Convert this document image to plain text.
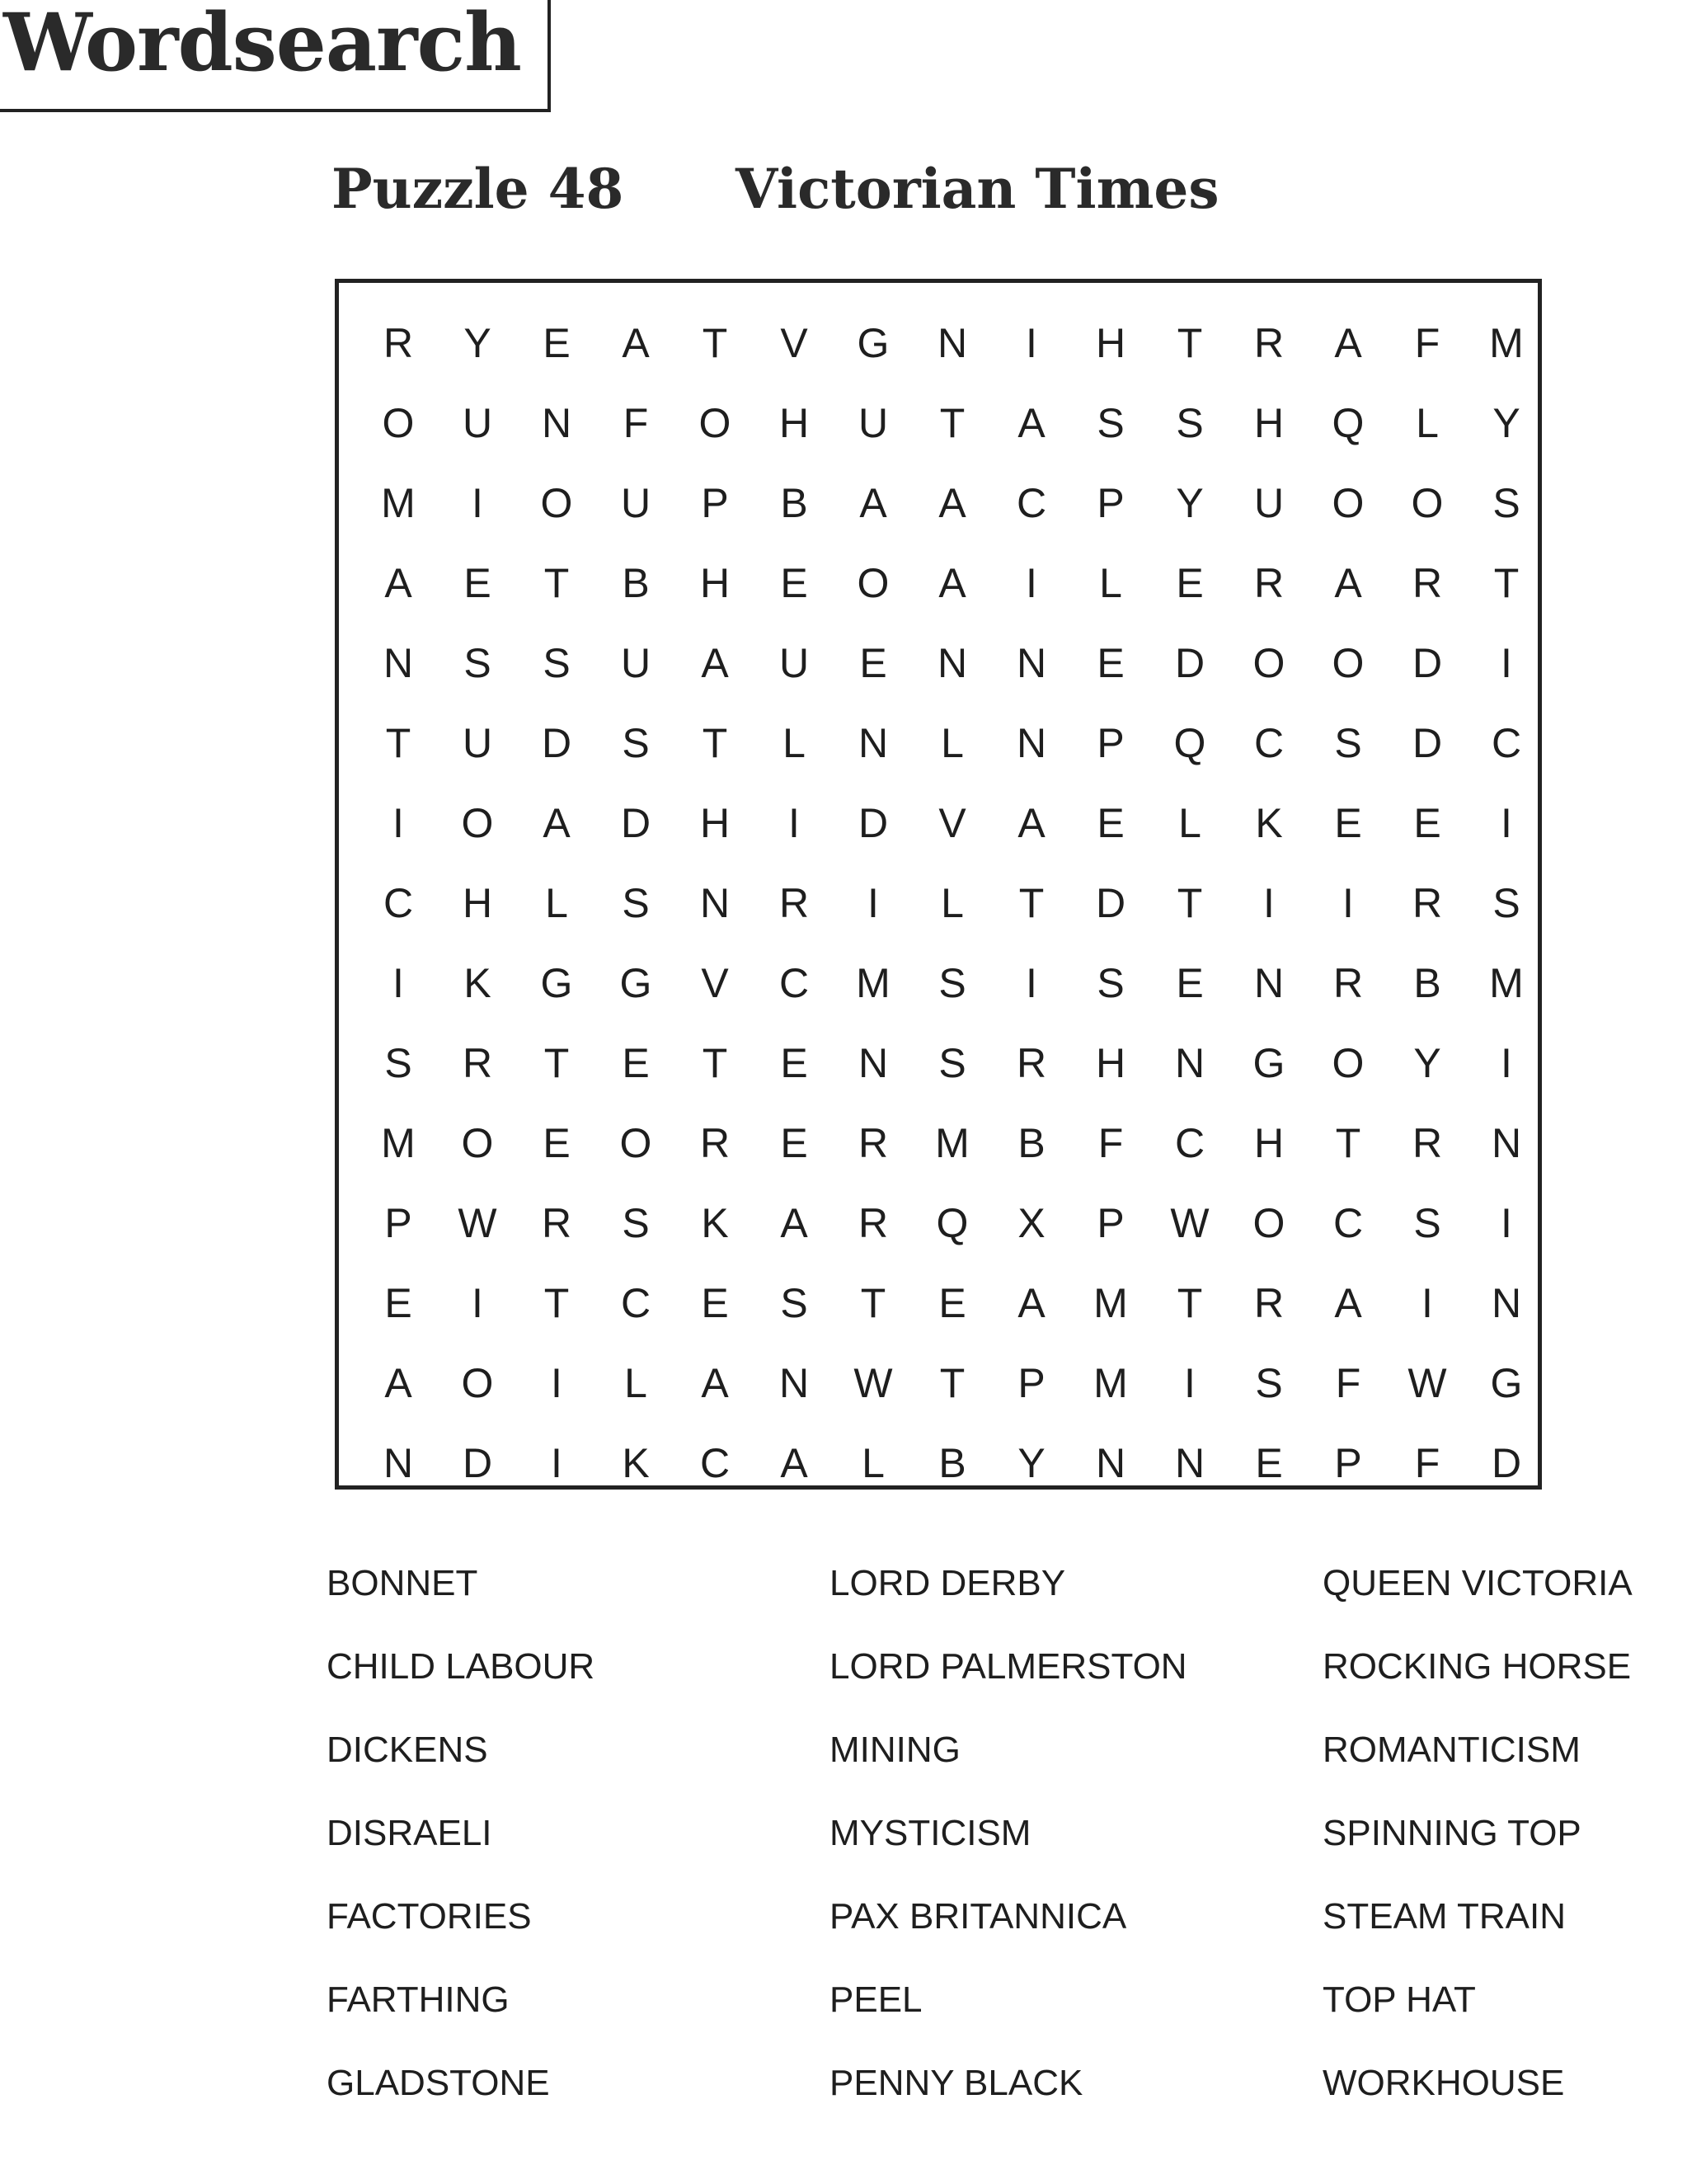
Wordsearch
Puzzle 48 Victorian Times
R	Y	E	A	T	V	G	N	I	H	T	R	A	F	M
O	U	N	F	O	H	U	T	A	S	S	H	Q	L	Y
M	I	O	U	P	B	A	A	C	P	Y	U	O	O	S
A	E	T	B	H	E	O	A	I	L	E	R	A	R	T
N	S	S	U	A	U	E	N	N	E	D	O	O	D	I
T	U	D	S	T	L	N	L	N	P	Q	C	S	D	C
I	O	A	D	H	I	D	V	A	E	L	K	E	E	I
C	H	L	S	N	R	I	L	T	D	T	I	I	R	S
I	K	G	G	V	C	M	S	I	S	E	N	R	B	M
S	R	T	E	T	E	N	S	R	H	N	G	O	Y	I
M	O	E	O	R	E	R	M	B	F	C	H	T	R	N
P	W	R	S	K	A	R	Q	X	P	W	O	C	S	I
E	I	T	C	E	S	T	E	A	M	T	R	A	I	N
A	O	I	L	A	N	W	T	P	M	I	S	F	W	G
N	D	I	K	C	A	L	B	Y	N	N	E	P	F	D
BONNET
CHILD LABOUR
DICKENS
DISRAELI
FACTORIES
FARTHING
GLADSTONE
LORD DERBY
LORD PALMERSTON
MINING
MYSTICISM
PAX BRITANNICA
PEEL
PENNY BLACK
QUEEN VICTORIA
ROCKING HORSE
ROMANTICISM
SPINNING TOP
STEAM TRAIN
TOP HAT
WORKHOUSE
